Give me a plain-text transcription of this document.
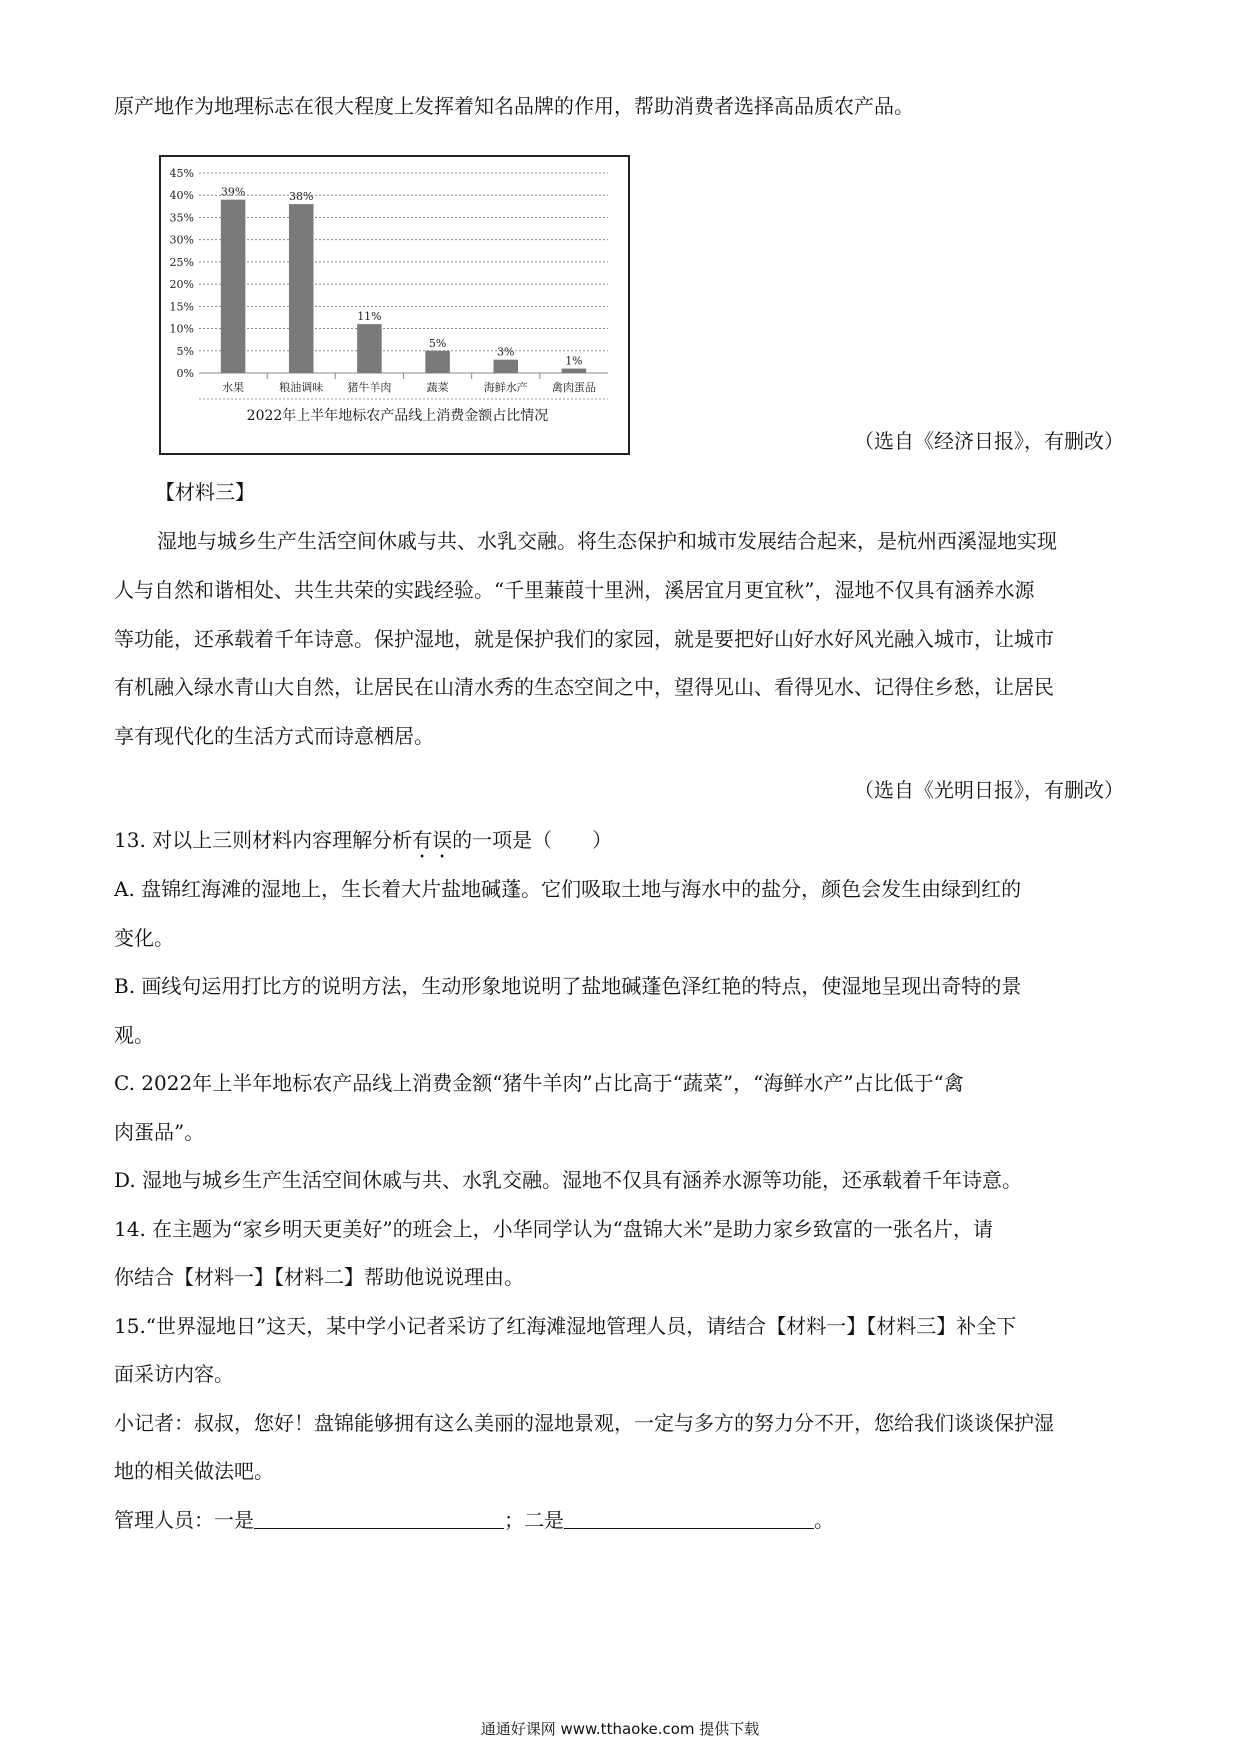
原产地作为地理标志在很大程度上发挥着知名品牌的作用，帮助消费者选择高品质农产品。
0%
5%
10%
15%
20%
25%
30%
35%
40%
45%
39%
水果
38%
粮油调味
11%
猪牛羊肉
5%
蔬菜
3%
海鲜水产
1%
禽肉蛋品
2022年上半年地标农产品线上消费金额占比情况
（选自《经济日报》，有删改）
【材料三】
湿地与城乡生产生活空间休戚与共、水乳交融。将生态保护和城市发展结合起来，是杭州西溪湿地实现
人与自然和谐相处、共生共荣的实践经验。“千里蒹葭十里洲，溪居宜月更宜秋”，湿地不仅具有涵养水源
等功能，还承载着千年诗意。保护湿地，就是保护我们的家园，就是要把好山好水好风光融入城市，让城市
有机融入绿水青山大自然，让居民在山清水秀的生态空间之中，望得见山、看得见水、记得住乡愁，让居民
享有现代化的生活方式而诗意栖居。
（选自《光明日报》，有删改）
13. 对以上三则材料内容理解分析有误的一项是（　　）
A. 盘锦红海滩的湿地上，生长着大片盐地碱蓬。它们吸取土地与海水中的盐分，颜色会发生由绿到红的
变化。
B. 画线句运用打比方的说明方法，生动形象地说明了盐地碱蓬色泽红艳的特点，使湿地呈现出奇特的景
观。
C. 2022年上半年地标农产品线上消费金额“猪牛羊肉”占比高于“蔬菜”，“海鲜水产”占比低于“禽
肉蛋品”。
D. 湿地与城乡生产生活空间休戚与共、水乳交融。湿地不仅具有涵养水源等功能，还承载着千年诗意。
14. 在主题为“家乡明天更美好”的班会上，小华同学认为“盘锦大米”是助力家乡致富的一张名片，请
你结合【材料一】【材料二】帮助他说说理由。
15.“世界湿地日”这天，某中学小记者采访了红海滩湿地管理人员，请结合【材料一】【材料三】补全下
面采访内容。
小记者：叔叔，您好！盘锦能够拥有这么美丽的湿地景观，一定与多方的努力分不开，您给我们谈谈保护湿
地的相关做法吧。
管理人员：一是	；二是	。
通通好课网 www.tthaoke.com 提供下载
